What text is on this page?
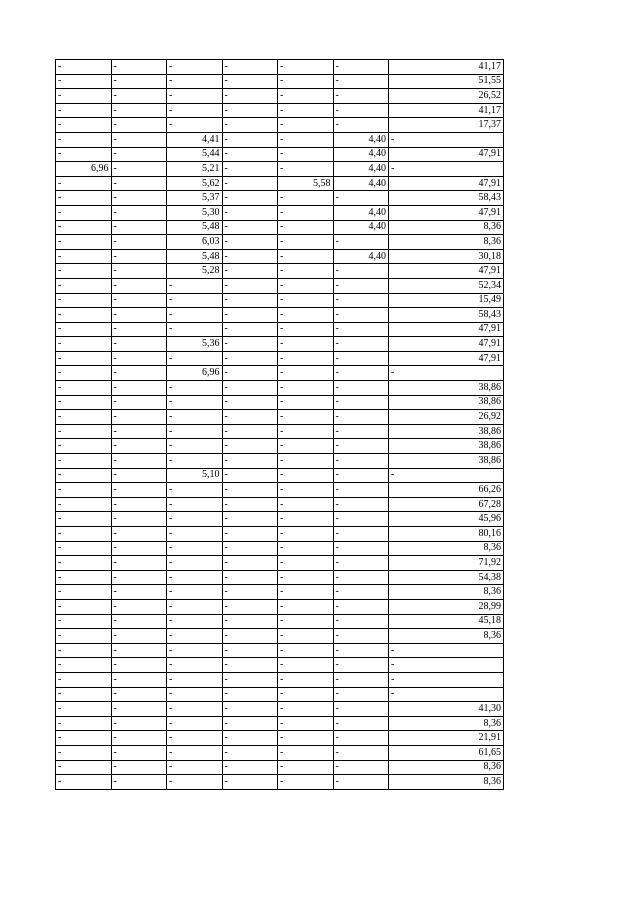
-	-	-	-	-	-	41,17
-	-	-	-	-	-	51,55
-	-	-	-	-	-	26,52
-	-	-	-	-	-	41,17
-	-	-	-	-	-	17,37
-	-	4,41	-	-	4,40	-
-	-	5,44	-	-	4,40	47,91
6,96	-	5,21	-	-	4,40	-
-	-	5,62	-	5,58	4,40	47,91
-	-	5,37	-	-	-	58,43
-	-	5,30	-	-	4,40	47,91
-	-	5,48	-	-	4,40	8,36
-	-	6,03	-	-	-	8,36
-	-	5,48	-	-	4,40	30,18
-	-	5,28	-	-	-	47,91
-	-	-	-	-	-	52,34
-	-	-	-	-	-	15,49
-	-	-	-	-	-	58,43
-	-	-	-	-	-	47,91
-	-	5,36	-	-	-	47,91
-	-	-	-	-	-	47,91
-	-	6,96	-	-	-	-
-	-	-	-	-	-	38,86
-	-	-	-	-	-	38,86
-	-	-	-	-	-	26,92
-	-	-	-	-	-	38,86
-	-	-	-	-	-	38,86
-	-	-	-	-	-	38,86
-	-	5,10	-	-	-	-
-	-	-	-	-	-	66,26
-	-	-	-	-	-	67,28
-	-	-	-	-	-	45,96
-	-	-	-	-	-	80,16
-	-	-	-	-	-	8,36
-	-	-	-	-	-	71,92
-	-	-	-	-	-	54,38
-	-	-	-	-	-	8,36
-	-	-	-	-	-	28,99
-	-	-	-	-	-	45,18
-	-	-	-	-	-	8,36
-	-	-	-	-	-	-
-	-	-	-	-	-	-
-	-	-	-	-	-	-
-	-	-	-	-	-	-
-	-	-	-	-	-	41,30
-	-	-	-	-	-	8,36
-	-	-	-	-	-	21,91
-	-	-	-	-	-	61,65
-	-	-	-	-	-	8,36
-	-	-	-	-	-	8,36
